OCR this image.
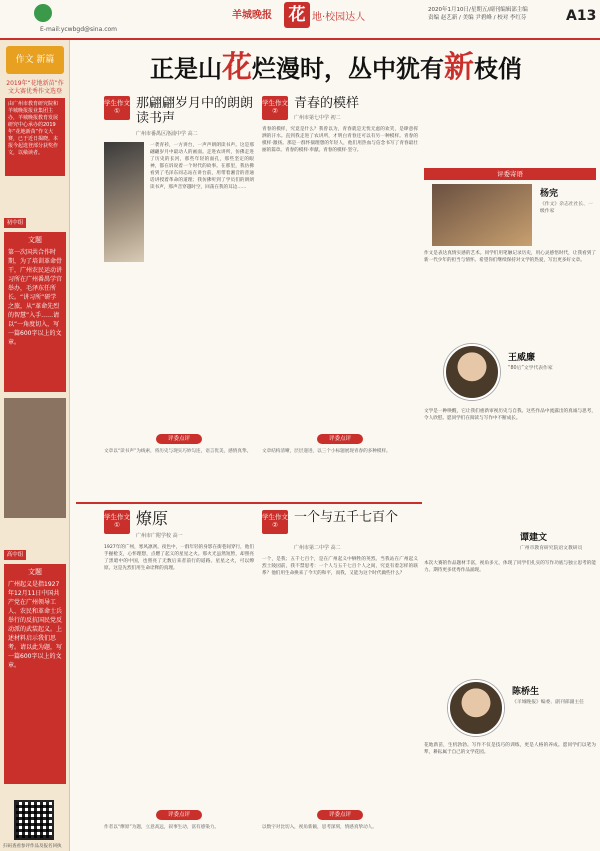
E-mail:ycwbgd@sina.com
羊城晚报 花 地·校园达人
2020年1月10日/星期五/副刊编辑部主编
责编 赵艺新 / 美编 尹碧峰 / 校对 李红芬	A13
作文 新篇
2019年“花地新苗”作文大赛优秀作文选登
由广州市教育研究院和羊城晚报报业集团主办，羊城晚报教育发展研究中心承办的2019年“花地新苗”作文大赛，已于近日揭晓。本报今起选登部分获奖作文，以飨读者。
初中组
文题
第一次国共合作时期，为了培训革命骨干，广州农民运动讲习所在广州番禺学宫举办，毛泽东任所长。“讲习所”研学之旅，从“革命先烈的智慧”入手……请以“一角度切入，写一篇600字以上的文章。
高中组
文题
广州起义是指1927年12月11日中国共产党在广州领导工人、农民和革命士兵举行的反抗国民党反动派的武装起义。上述材料启示我们思考。请以此为题，写一篇600字以上的文章。
扫码查看参评作品及报名回执
正是山花烂漫时，丛中犹有新枝俏
学生作文①	那翩翩岁月中的朗朗读书声
广州市番禺区洛浦中学 高二
一袭青衫，一方讲台，一声声朗朗读书声。这是那翩翩岁月中最动人的画面。走进农讲所，仿佛走进了历史的长河，那些年轻的面孔，那些坚定的眼神，都在诉说着一个时代的故事。在那里，我仿佛看到了毛泽东同志站在讲台前，用带着湘音的普通话讲授着革命的道理；我仿佛听到了学员们的朗朗读书声，那声音穿越时空，回荡在我的耳边……
评委点评
文章以“读书声”为线索，将历史与现实巧妙勾连，语言优美，感情真挚。
学生作文②	青春的模样
广州市第七中学 初二
青春的模样，究竟是什么？我曾以为，青春就是无忧无虑的欢笑，是肆意挥洒的汗水。直到我走进了农讲所，才明白青春还可以有另一种模样。青春的模样·激扬。那是一群怀揣理想的年轻人，他们用热血与信念书写了青春最壮丽的篇章。青春的模样·奉献。青春的模样·坚守。
评委点评
文章结构清晰，层层递进，以三个小标题展现青春的多种模样。
学生作文①	燎原
广州市广附学校 高一
1927年的广州，寒风凛冽。夜色中，一群年轻的身影在街巷间穿行，他们手握枪支，心怀理想，点燃了起义的星星之火。那火光虽然短暂，却照亮了黑暗中的中国，也照亮了无数后来者前行的道路。星星之火，可以燎原。这是先烈们用生命诠释的真理。
评委点评
作者以“燎原”为题，立意高远，叙事生动，富有感染力。
学生作文②	一个与五千七百个
广州市第二中学 高二
一个，是我；五千七百个，是在广州起义中牺牲的英烈。当我站在广州起义烈士陵园前，我不禁思考：一个人与五千七百个人之间，究竟有着怎样的联系？他们用生命换来了今天的和平，而我，又能为这个时代做些什么？
评委点评
以数字对比切入，视角新颖，思考深刻，情感真挚动人。
评委寄语
杨完
《作文》杂志社社长、一级作家
作文是表达真情实感的艺术。同学们用笔触记录历史，用心灵感悟时代，让我看到了新一代少年的担当与情怀。希望你们继续保持对文学的热爱，写出更多好文章。
王威廉
“80后”文学代表作家
文学是一种唤醒，它让我们重新审视历史与自我。这些作品中流露出的真诚与思考，令人欣慰。愿同学们在阅读与写作中不断成长。
谭建文
广州市教育研究院语文教研员
本次大赛的作品题材丰富，视角多元，体现了同学们扎实的写作功底与独立思考的能力。期待更多优秀作品涌现。
陈桥生
《羊城晚报》编委、副刊部副主任
花地新苗，生机勃勃。写作不仅是技巧的训练，更是人格的养成。愿同学们以笔为犁，耕耘属于自己的文学花园。
